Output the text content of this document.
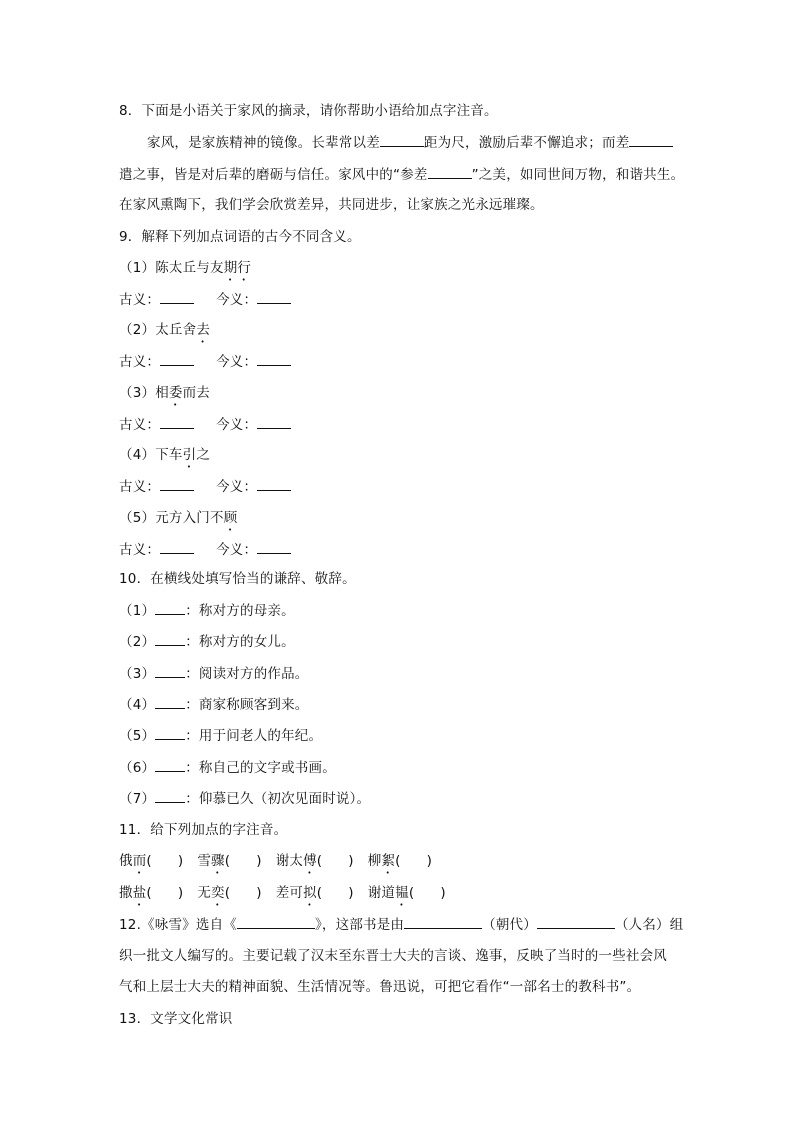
8．下面是小语关于家风的摘录，请你帮助小语给加点字注音。
家风，是家族精神的镜像。长辈常以差	距为尺，激励后辈不懈追求；而差
遣之事，皆是对后辈的磨砺与信任。家风中的“参差	”之美，如同世间万物，和谐共生。
在家风熏陶下，我们学会欣赏差异，共同进步，让家族之光永远璀璨。
9．解释下列加点词语的古今不同含义。
（1）陈太丘与友期行
古义：	今义：
（2）太丘舍去
古义：	今义：
（3）相委而去
古义：	今义：
（4）下车引之
古义：	今义：
（5）元方入门不顾
古义：	今义：
10．在横线处填写恰当的谦辞、敬辞。
（1） ：称对方的母亲。
（2） ：称对方的女儿。
（3） ：阅读对方的作品。
（4） ：商家称顾客到来。
（5） ：用于问老人的年纪。
（6） ：称自己的文字或书画。
（7） ：仰慕已久（初次见面时说）。
11．给下列加点的字注音。
俄而( ) 雪骤( ) 谢太傅( ) 柳絮( )
撒盐( ) 无奕( ) 差可拟( ) 谢道韫( )
12.《咏雪》选自《	》，这部书是由	（朝代）	（人名）组
织一批文人编写的。主要记载了汉末至东晋士大夫的言谈、逸事，反映了当时的一些社会风
气和上层士大夫的精神面貌、生活情况等。鲁迅说，可把它看作“一部名士的教科书”。
13．文学文化常识
